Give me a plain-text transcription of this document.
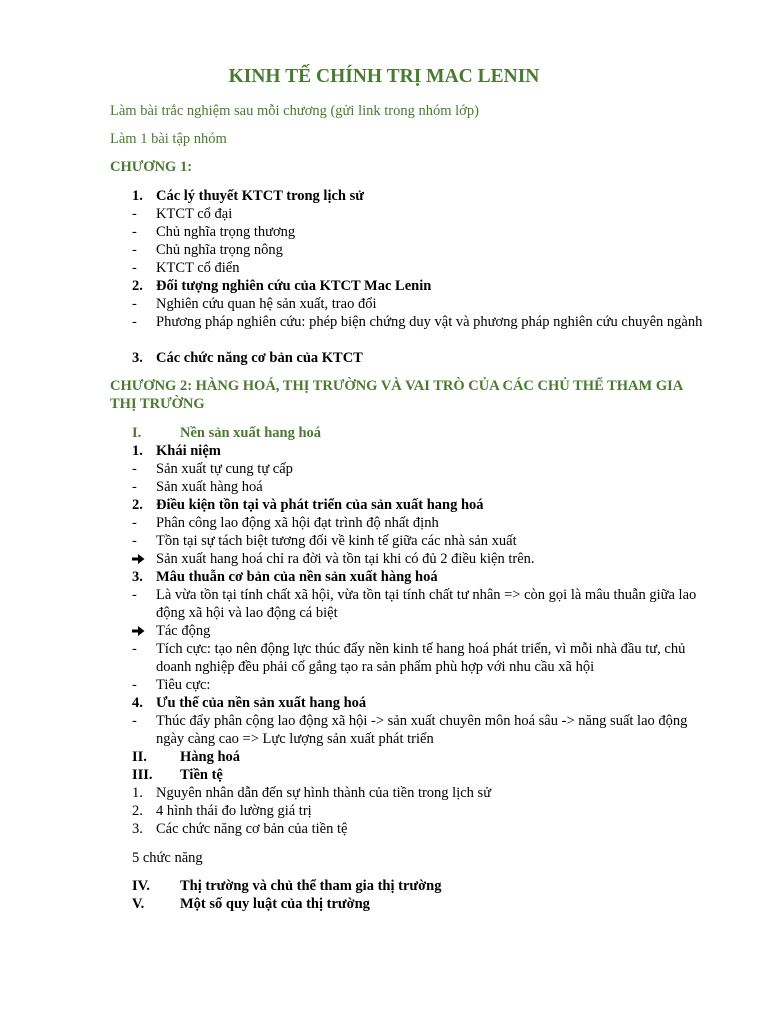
KINH TẾ CHÍNH TRỊ MAC LENIN
Làm bài trắc nghiệm sau mỗi chương (gửi link trong nhóm lớp)
Làm 1 bài tập nhóm
CHƯƠNG 1:
1. Các lý thuyết KTCT trong lịch sử
-	KTCT cổ đại
-	Chủ nghĩa trọng thương
-	Chủ nghĩa trọng nông
-	KTCT cổ điển
2. Đối tượng nghiên cứu của KTCT Mac Lenin
-	Nghiên cứu quan hệ sản xuất, trao đổi
-	Phương pháp nghiên cứu: phép biện chứng duy vật và phương pháp nghiên cứu chuyên ngành
3. Các chức năng cơ bản của KTCT
CHƯƠNG 2: HÀNG HOÁ, THỊ TRƯỜNG VÀ VAI TRÒ CỦA CÁC CHỦ THỂ THAM GIA THỊ TRƯỜNG
I.	Nền sản xuất hang hoá
1. Khái niệm
-	Sản xuất tự cung tự cấp
-	Sản xuất hàng hoá
2. Điều kiện tồn tại và phát triển của sản xuất hang hoá
-	Phân công lao động xã hội đạt trình độ nhất định
-	Tồn tại sự tách biệt tương đối về kinh tế giữa các nhà sản xuất
Sản xuất hang hoá chỉ ra đời và tồn tại khi có đủ 2 điều kiện trên.
3. Mâu thuẫn cơ bản của nền sản xuất hàng hoá
-	Là vừa tồn tại tính chất xã hội, vừa tồn tại tính chất tư nhân => còn gọi là mâu thuẫn giữa lao động xã hội và lao động cá biệt
Tác động
-	Tích cực: tạo nên động lực thúc đẩy nền kinh tế hang hoá phát triển, vì mỗi nhà đầu tư, chủ doanh nghiệp đều phải cố gắng tạo ra sản phẩm phù hợp với nhu cầu xã hội
-	Tiêu cực:
4. Ưu thế của nền sản xuất hang hoá
-	Thúc đẩy phân cộng lao động xã hội -> sản xuất chuyên môn hoá sâu -> năng suất lao động ngày càng cao => Lực lượng sản xuất phát triển
II.	Hàng hoá
III.	Tiền tệ
1. Nguyên nhân dẫn đến sự hình thành của tiền trong lịch sử
2. 4 hình thái đo lường giá trị
3. Các chức năng cơ bản của tiền tệ
5 chức năng
IV.	Thị trường và chủ thể tham gia thị trường
V.	Một số quy luật của thị trường
